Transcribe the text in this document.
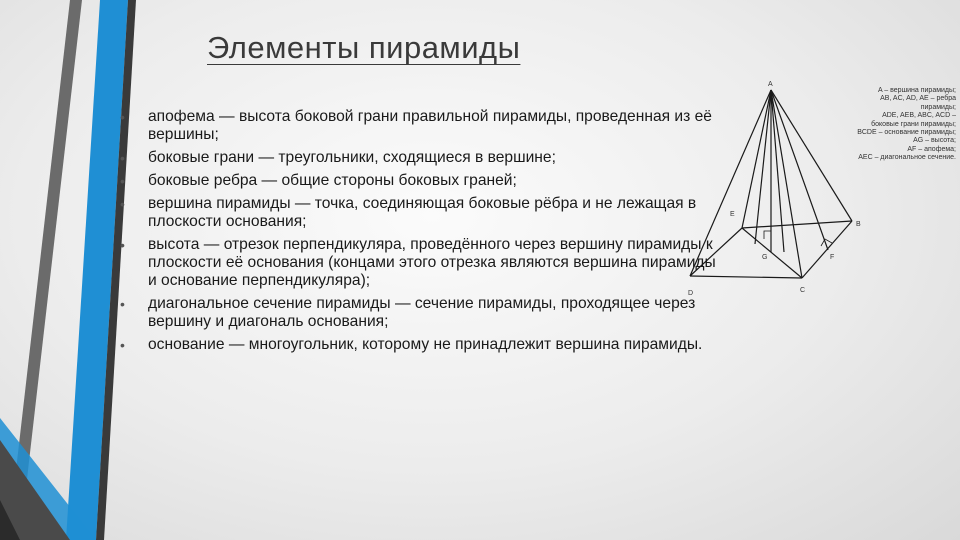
Элементы пирамиды
• апофема — высота боковой грани правильной пирамиды, проведенная из её вершины;
• боковые грани — треугольники, сходящиеся в вершине;
• боковые ребра — общие стороны боковых граней;
• вершина пирамиды — точка, соединяющая боковые рёбра и не лежащая в плоскости основания;
• высота — отрезок перпендикуляра, проведённого через вершину пирамиды к плоскости её основания (концами этого отрезка являются вершина пирамиды и основание перпендикуляра);
• диагональное сечение пирамиды — сечение пирамиды, проходящее через вершину и диагональ основания;
• основание — многоугольник, которому не принадлежит вершина пирамиды.
A
E
B
G	F
D	C
A – вершина пирамиды;
AB, AC, AD, AE – ребра
пирамиды;
ADE, AEB, ABC, ACD –
боковые грани пирамиды;
BCDE – основание пирамиды;
AG – высота;
AF – апофема;
AEC – диагональное сечение.
